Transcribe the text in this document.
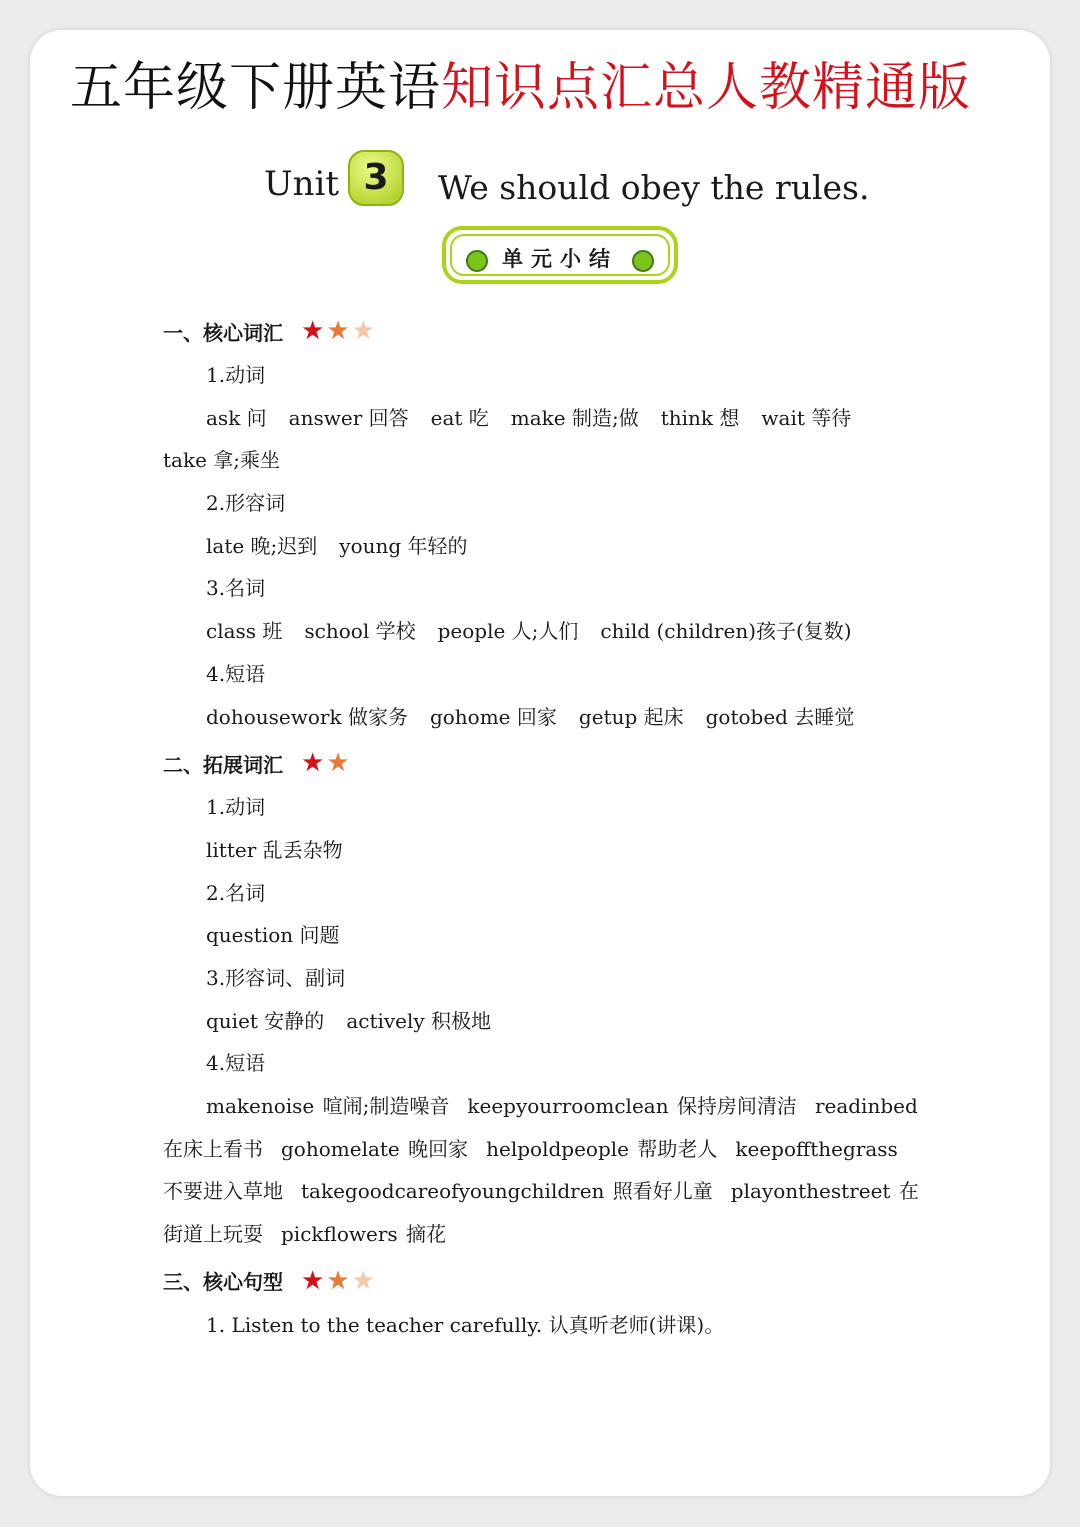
五年级下册英语知识点汇总人教精通版
Unit 3	We should obey the rules.
单元小结
一、核心词汇 ★★★
1.动词
ask 问 answer 回答 eat 吃 make 制造;做 think 想 wait 等待
take 拿;乘坐
2.形容词
late 晚;迟到 young 年轻的
3.名词
class 班 school 学校 people 人;人们 child (children)孩子(复数)
4.短语
dohousework 做家务 gohome 回家 getup 起床 gotobed 去睡觉
二、拓展词汇 ★★
1.动词
litter 乱丢杂物
2.名词
question 问题
3.形容词、副词
quiet 安静的 actively 积极地
4.短语
makenoise 喧闹;制造噪音 keepyourroomclean 保持房间清洁 readinbed 在床上看书 gohomelate 晚回家 helpoldpeople 帮助老人 keepoffthegrass 不要进入草地 takegoodcareofyoungchildren 照看好儿童 playonthestreet 在街道上玩耍 pickflowers 摘花
三、核心句型 ★★★
1. Listen to the teacher carefully. 认真听老师(讲课)。
